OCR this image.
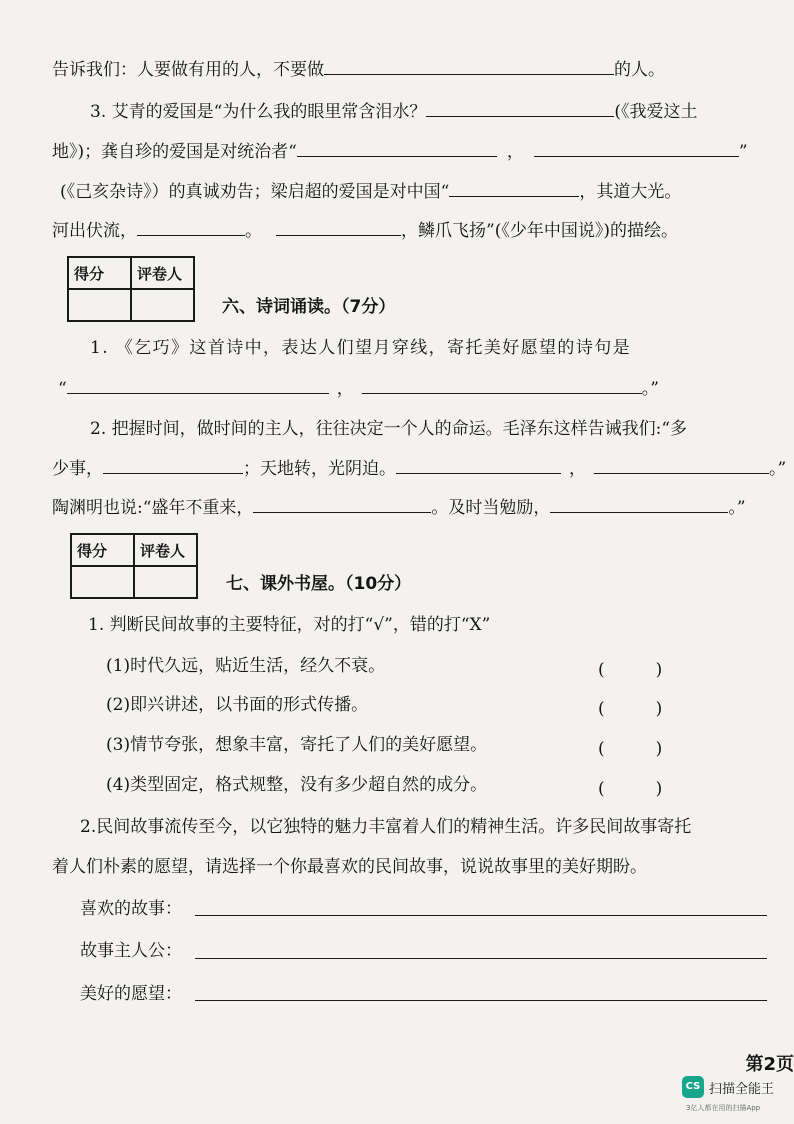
告诉我们：人要做有用的人，不要做	的人。
3. 艾青的爱国是“为什么我的眼里常含泪水？	(《我爱这土
地》)；龚自珍的爱国是对统治者“	，	”
(《己亥杂诗》）的真诚劝告；梁启超的爱国是对中国“	，其道大光。
河出伏流，	。	，鳞爪飞扬”(《少年中国说》)的描绘。
得分	评卷人

六、诗词诵读。（7分）
1. 《乞巧》这首诗中，表达人们望月穿线，寄托美好愿望的诗句是
“	，	。”
2. 把握时间，做时间的主人，往往决定一个人的命运。毛泽东这样告诫我们:“多
少事，	；天地转，光阴迫。	，	。”
陶渊明也说:“盛年不重来，	。及时当勉励，	。”
得分	评卷人

七、课外书屋。（10分）
1. 判断民间故事的主要特征，对的打“√”，错的打“X”
(1)时代久远，贴近生活，经久不衰。	(　　　)
(2)即兴讲述，以书面的形式传播。	(　　　)
(3)情节夸张，想象丰富，寄托了人们的美好愿望。	(　　　)
(4)类型固定，格式规整，没有多少超自然的成分。	(　　　)
2.民间故事流传至今，以它独特的魅力丰富着人们的精神生活。许多民间故事寄托
着人们朴素的愿望，请选择一个你最喜欢的民间故事，说说故事里的美好期盼。
喜欢的故事：
故事主人公：
美好的愿望：
第2页
CS 扫描全能王
3亿人都在用的扫描App
